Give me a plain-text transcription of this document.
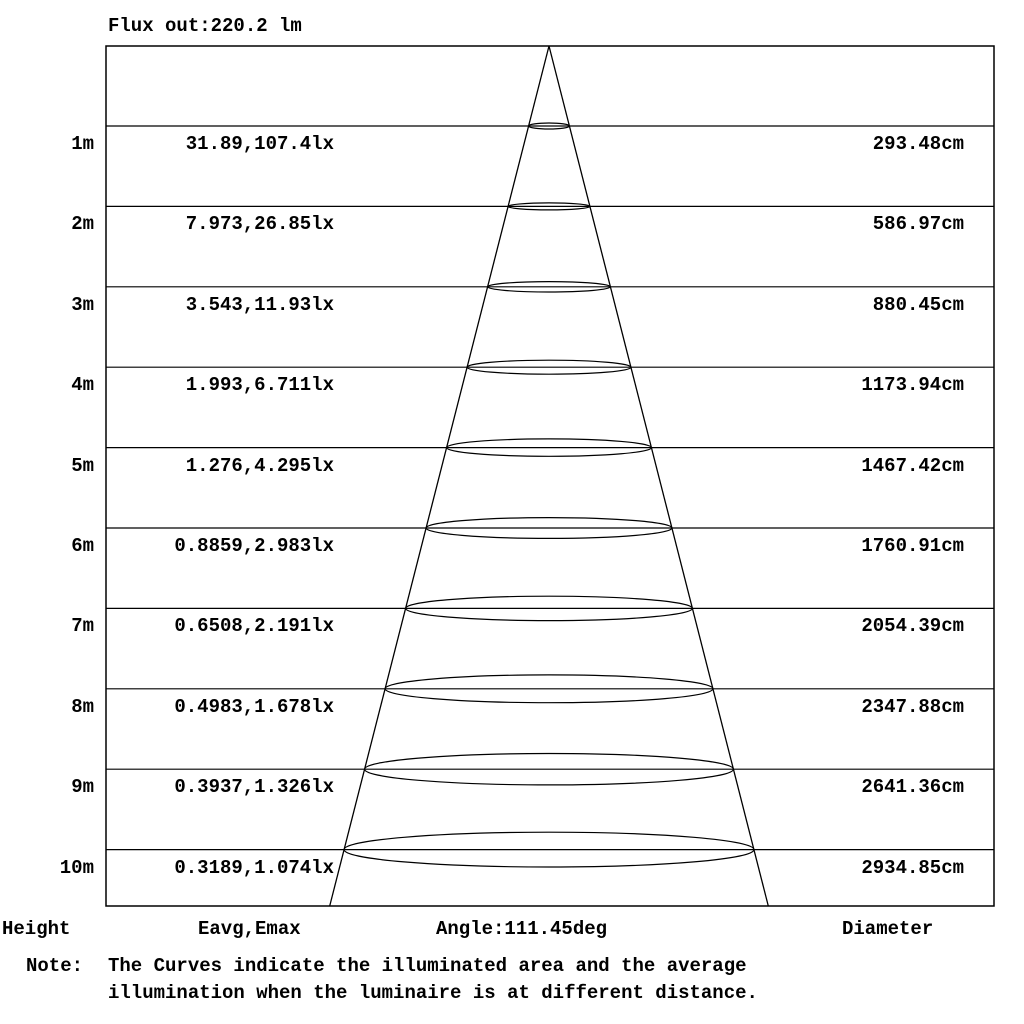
Flux out:220.2 lm
1m	31.89,107.4lx	293.48cm
2m	7.973,26.85lx	586.97cm
3m	3.543,11.93lx	880.45cm
4m	1.993,6.711lx	1173.94cm
5m	1.276,4.295lx	1467.42cm
6m	0.8859,2.983lx	1760.91cm
7m	0.6508,2.191lx	2054.39cm
8m	0.4983,1.678lx	2347.88cm
9m	0.3937,1.326lx	2641.36cm
10m	0.3189,1.074lx	2934.85cm
Height	Eavg,Emax	Angle:111.45deg	Diameter
Note: The Curves indicate the illuminated area and the average
illumination when the luminaire is at different distance.
